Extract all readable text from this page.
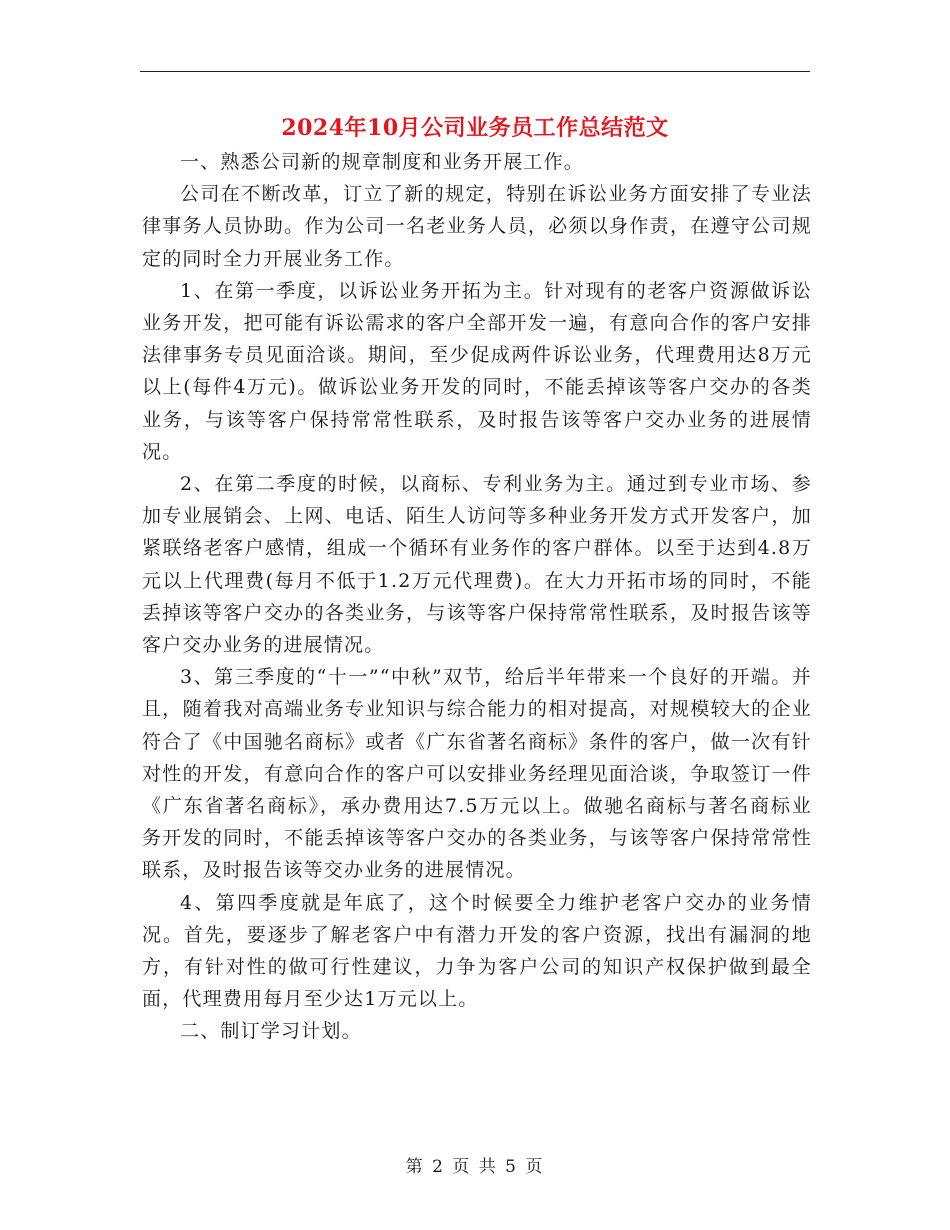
2024年10月公司业务员工作总结范文

一、熟悉公司新的规章制度和业务开展工作。

公司在不断改革，订立了新的规定，特别在诉讼业务方面安排了专业法律事务人员协助。作为公司一名老业务人员，必须以身作责，在遵守公司规定的同时全力开展业务工作。

1、在第一季度，以诉讼业务开拓为主。针对现有的老客户资源做诉讼业务开发，把可能有诉讼需求的客户全部开发一遍，有意向合作的客户安排法律事务专员见面洽谈。期间，至少促成两件诉讼业务，代理费用达8万元以上(每件4万元)。做诉讼业务开发的同时，不能丢掉该等客户交办的各类业务，与该等客户保持常常性联系，及时报告该等客户交办业务的进展情况。

2、在第二季度的时候，以商标、专利业务为主。通过到专业市场、参加专业展销会、上网、电话、陌生人访问等多种业务开发方式开发客户，加紧联络老客户感情，组成一个循环有业务作的客户群体。以至于达到4.8万元以上代理费(每月不低于1.2万元代理费)。在大力开拓市场的同时，不能丢掉该等客户交办的各类业务，与该等客户保持常常性联系，及时报告该等客户交办业务的进展情况。

3、第三季度的“十一”“中秋”双节，给后半年带来一个良好的开端。并且，随着我对高端业务专业知识与综合能力的相对提高，对规模较大的企业符合了《中国驰名商标》或者《广东省著名商标》条件的客户，做一次有针对性的开发，有意向合作的客户可以安排业务经理见面洽谈，争取签订一件《广东省著名商标》，承办费用达7.5万元以上。做驰名商标与著名商标业务开发的同时，不能丢掉该等客户交办的各类业务，与该等客户保持常常性联系，及时报告该等交办业务的进展情况。

4、第四季度就是年底了，这个时候要全力维护老客户交办的业务情况。首先，要逐步了解老客户中有潜力开发的客户资源，找出有漏洞的地方，有针对性的做可行性建议，力争为客户公司的知识产权保护做到最全面，代理费用每月至少达1万元以上。

二、制订学习计划。

第 2 页 共 5 页
